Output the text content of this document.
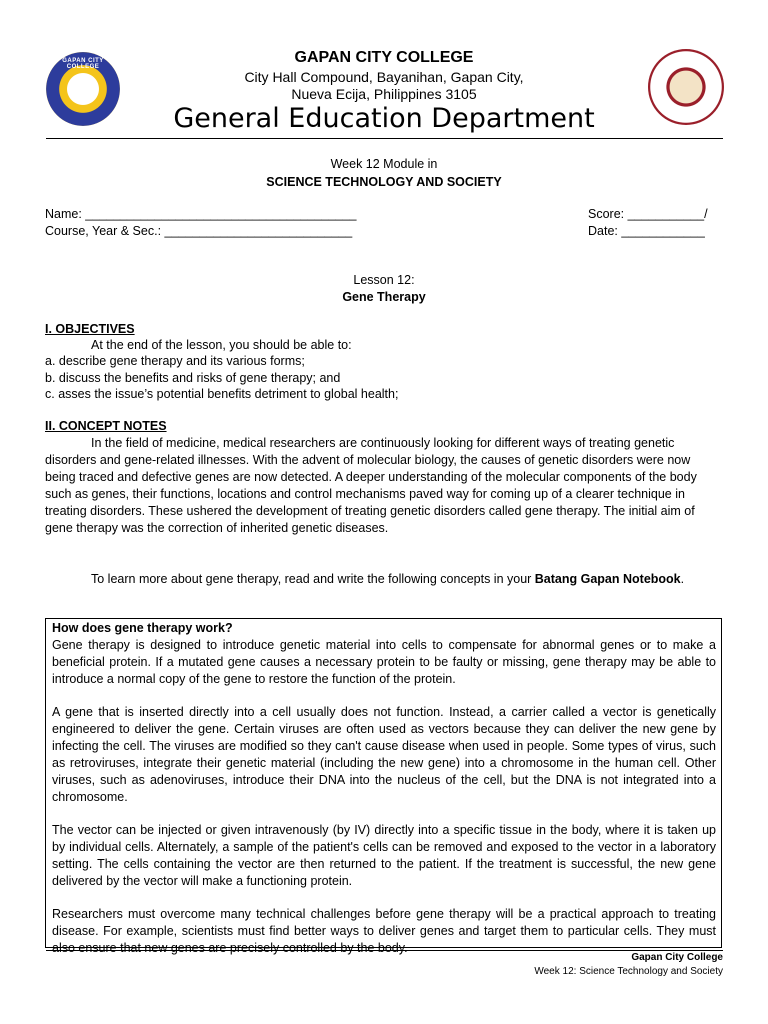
GAPAN CITY COLLEGE
GAPAN CITY COLLEGE
City Hall Compound, Bayanihan, Gapan City,
Nueva Ecija, Philippines 3105
General Education Department
Week 12 Module in
SCIENCE TECHNOLOGY AND SOCIETY
Name: _______________________________________
Course, Year & Sec.: ___________________________
Score: ___________/
Date: ____________
Lesson 12:
Gene Therapy
I. OBJECTIVES
At the end of the lesson, you should be able to:
a. describe gene therapy and its various forms;
b. discuss the benefits and risks of gene therapy; and
c. asses the issue’s potential benefits detriment to global health;
II. CONCEPT NOTES
In the field of medicine, medical researchers are continuously looking for different ways of treating genetic disorders and gene-related illnesses. With the advent of molecular biology, the causes of genetic disorders were now being traced and defective genes are now detected. A deeper understanding of the molecular components of the body such as genes, their functions, locations and control mechanisms paved way for coming up of a clearer technique in treating disorders. These ushered the development of treating genetic disorders called gene therapy. The initial aim of gene therapy was the correction of inherited genetic diseases.
To learn more about gene therapy, read and write the following concepts in your Batang Gapan Notebook.

How does gene therapy work?
Gene therapy is designed to introduce genetic material into cells to compensate for abnormal genes or to make a beneficial protein. If a mutated gene causes a necessary protein to be faulty or missing, gene therapy may be able to introduce a normal copy of the gene to restore the function of the protein.

A gene that is inserted directly into a cell usually does not function. Instead, a carrier called a vector is genetically engineered to deliver the gene. Certain viruses are often used as vectors because they can deliver the new gene by infecting the cell. The viruses are modified so they can't cause disease when used in people. Some types of virus, such as retroviruses, integrate their genetic material (including the new gene) into a chromosome in the human cell. Other viruses, such as adenoviruses, introduce their DNA into the nucleus of the cell, but the DNA is not integrated into a chromosome.

The vector can be injected or given intravenously (by IV) directly into a specific tissue in the body, where it is taken up by individual cells. Alternately, a sample of the patient's cells can be removed and exposed to the vector in a laboratory setting. The cells containing the vector are then returned to the patient. If the treatment is successful, the new gene delivered by the vector will make a functioning protein.

Researchers must overcome many technical challenges before gene therapy will be a practical approach to treating disease. For example, scientists must find better ways to deliver genes and target them to particular cells. They must also ensure that new genes are precisely controlled by the body.

Gapan City College
Week 12: Science Technology and Society
